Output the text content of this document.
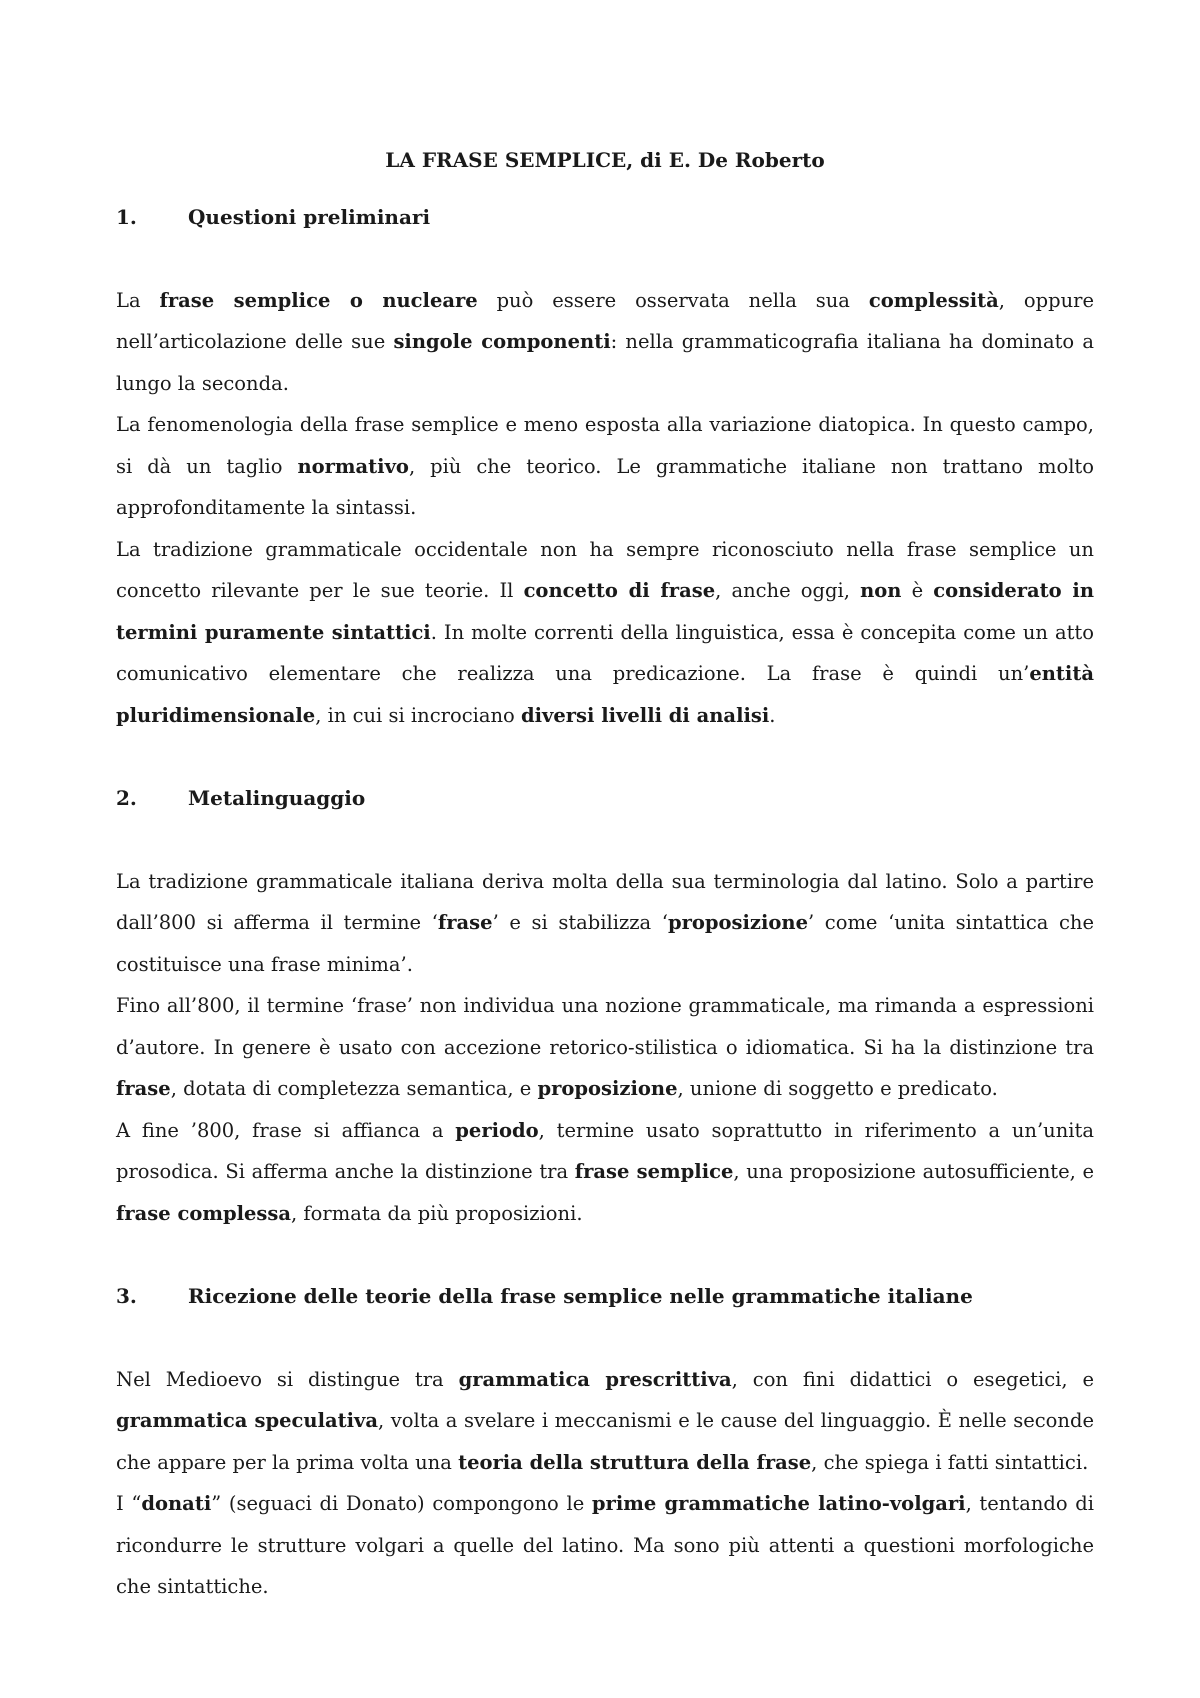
LA FRASE SEMPLICE, di E. De Roberto

1.	Questioni preliminari

La frase semplice o nucleare può essere osservata nella sua complessità, oppure nell’articolazione delle sue singole componenti: nella grammaticografia italiana ha dominato a lungo la seconda.

La fenomenologia della frase semplice e meno esposta alla variazione diatopica. In questo campo, si dà un taglio normativo, più che teorico. Le grammatiche italiane non trattano molto approfonditamente la sintassi.

La tradizione grammaticale occidentale non ha sempre riconosciuto nella frase semplice un concetto rilevante per le sue teorie. Il concetto di frase, anche oggi, non è considerato in termini puramente sintattici. In molte correnti della linguistica, essa è concepita come un atto comunicativo elementare che realizza una predicazione. La frase è quindi un’entità pluridimensionale, in cui si incrociano diversi livelli di analisi.

2.	Metalinguaggio

La tradizione grammaticale italiana deriva molta della sua terminologia dal latino. Solo a partire dall’800 si afferma il termine ‘frase’ e si stabilizza ‘proposizione’ come ‘unita sintattica che costituisce una frase minima’.

Fino all’800, il termine ‘frase’ non individua una nozione grammaticale, ma rimanda a espressioni d’autore. In genere è usato con accezione retorico-stilistica o idiomatica. Si ha la distinzione tra frase, dotata di completezza semantica, e proposizione, unione di soggetto e predicato.

A fine ’800, frase si affianca a periodo, termine usato soprattutto in riferimento a un’unita prosodica. Si afferma anche la distinzione tra frase semplice, una proposizione autosufficiente, e frase complessa, formata da più proposizioni.

3.	Ricezione delle teorie della frase semplice nelle grammatiche italiane

Nel Medioevo si distingue tra grammatica prescrittiva, con fini didattici o esegetici, e grammatica speculativa, volta a svelare i meccanismi e le cause del linguaggio. È nelle seconde che appare per la prima volta una teoria della struttura della frase, che spiega i fatti sintattici.

I “donati” (seguaci di Donato) compongono le prime grammatiche latino-volgari, tentando di ricondurre le strutture volgari a quelle del latino. Ma sono più attenti a questioni morfologiche che sintattiche.
